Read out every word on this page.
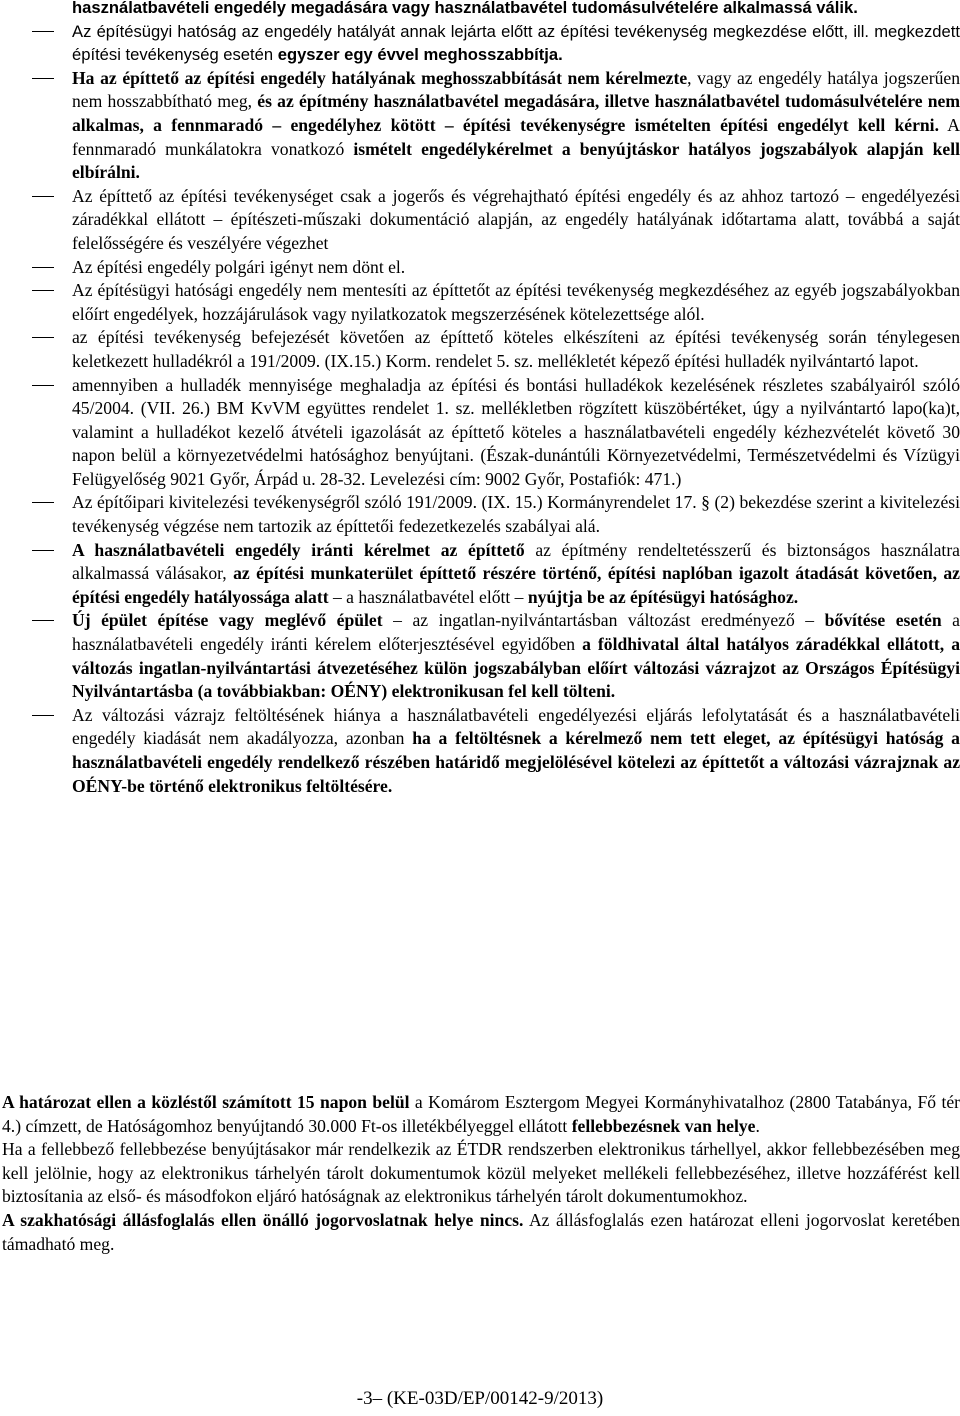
használatbavételi engedély megadására vagy használatbavétel tudomásulvételére alkalmassá válik.
Az építésügyi hatóság az engedély hatályát annak lejárta előtt az építési tevékenység megkezdése előtt, ill. megkezdett építési tevékenység esetén egyszer egy évvel meghosszabbítja.
Ha az építtető az építési engedély hatályának meghosszabbítását nem kérelmezte, vagy az engedély hatálya jogszerűen nem hosszabbítható meg, és az építmény használatbavétel megadására, illetve használatbavétel tudomásulvételére nem alkalmas, a fennmaradó – engedélyhez kötött – építési tevékenységre ismételten építési engedélyt kell kérni. A fennmaradó munkálatokra vonatkozó ismételt engedélykérelmet a benyújtáskor hatályos jogszabályok alapján kell elbírálni.
Az építtető az építési tevékenységet csak a jogerős és végrehajtható építési engedély és az ahhoz tartozó – engedélyezési záradékkal ellátott – építészeti-műszaki dokumentáció alapján, az engedély hatályának időtartama alatt, továbbá a saját felelősségére és veszélyére végezhet
Az építési engedély polgári igényt nem dönt el.
Az építésügyi hatósági engedély nem mentesíti az építtetőt az építési tevékenység megkezdéséhez az egyéb jogszabályokban előírt engedélyek, hozzájárulások vagy nyilatkozatok megszerzésének kötelezettsége alól.
az építési tevékenység befejezését követően az építtető köteles elkészíteni az építési tevékenység során ténylegesen keletkezett hulladékról a 191/2009. (IX.15.) Korm. rendelet 5. sz. mellékletét képező építési hulladék nyilvántartó lapot.
amennyiben a hulladék mennyisége meghaladja az építési és bontási hulladékok kezelésének részletes szabályairól szóló 45/2004. (VII. 26.) BM KvVM együttes rendelet 1. sz. mellékletben rögzített küszöbértéket, úgy a nyilvántartó lapo(ka)t, valamint a hulladékot kezelő átvételi igazolását az építtető köteles a használatbavételi engedély kézhezvételét követő 30 napon belül a környezetvédelmi hatósághoz benyújtani. (Észak-dunántúli Környezetvédelmi, Természetvédelmi és Vízügyi Felügyelőség 9021 Győr, Árpád u. 28-32. Levelezési cím: 9002 Győr, Postafiók: 471.)
Az építőipari kivitelezési tevékenységről szóló 191/2009. (IX. 15.) Kormányrendelet 17. § (2) bekezdése szerint a kivitelezési tevékenység végzése nem tartozik az építtetői fedezetkezelés szabályai alá.
A használatbavételi engedély iránti kérelmet az építtető az építmény rendeltetésszerű és biztonságos használatra alkalmassá válásakor, az építési munkaterület építtető részére történő, építési naplóban igazolt átadását követően, az építési engedély hatályossága alatt – a használatbavétel előtt – nyújtja be az építésügyi hatósághoz.
Új épület építése vagy meglévő épület – az ingatlan-nyilvántartásban változást eredményező – bővítése esetén a használatbavételi engedély iránti kérelem előterjesztésével egyidőben a földhivatal által hatályos záradékkal ellátott, a változás ingatlan-nyilvántartási átvezetéséhez külön jogszabályban előírt változási vázrajzot az Országos Építésügyi Nyilvántartásba (a továbbiakban: OÉNY) elektronikusan fel kell tölteni.
Az változási vázrajz feltöltésének hiánya a használatbavételi engedélyezési eljárás lefolytatását és a használatbavételi engedély kiadását nem akadályozza, azonban ha a feltöltésnek a kérelmező nem tett eleget, az építésügyi hatóság a használatbavételi engedély rendelkező részében határidő megjelölésével kötelezi az építtetőt a változási vázrajznak az OÉNY-be történő elektronikus feltöltésére.

A határozat ellen a közléstől számított 15 napon belül a Komárom Esztergom Megyei Kormányhivatalhoz (2800 Tatabánya, Fő tér 4.) címzett, de Hatóságomhoz benyújtandó 30.000 Ft-os illetékbélyeggel ellátott fellebbezésnek van helye.

Ha a fellebbező fellebbezése benyújtásakor már rendelkezik az ÉTDR rendszerben elektronikus tárhellyel, akkor fellebbezésében meg kell jelölnie, hogy az elektronikus tárhelyén tárolt dokumentumok közül melyeket mellékeli fellebbezéséhez, illetve hozzáférést kell biztosítania az első- és másodfokon eljáró hatóságnak az elektronikus tárhelyén tárolt dokumentumokhoz.

A szakhatósági állásfoglalás ellen önálló jogorvoslatnak helye nincs. Az állásfoglalás ezen határozat elleni jogorvoslat keretében támadható meg.

-3– (KE-03D/EP/00142-9/2013)
